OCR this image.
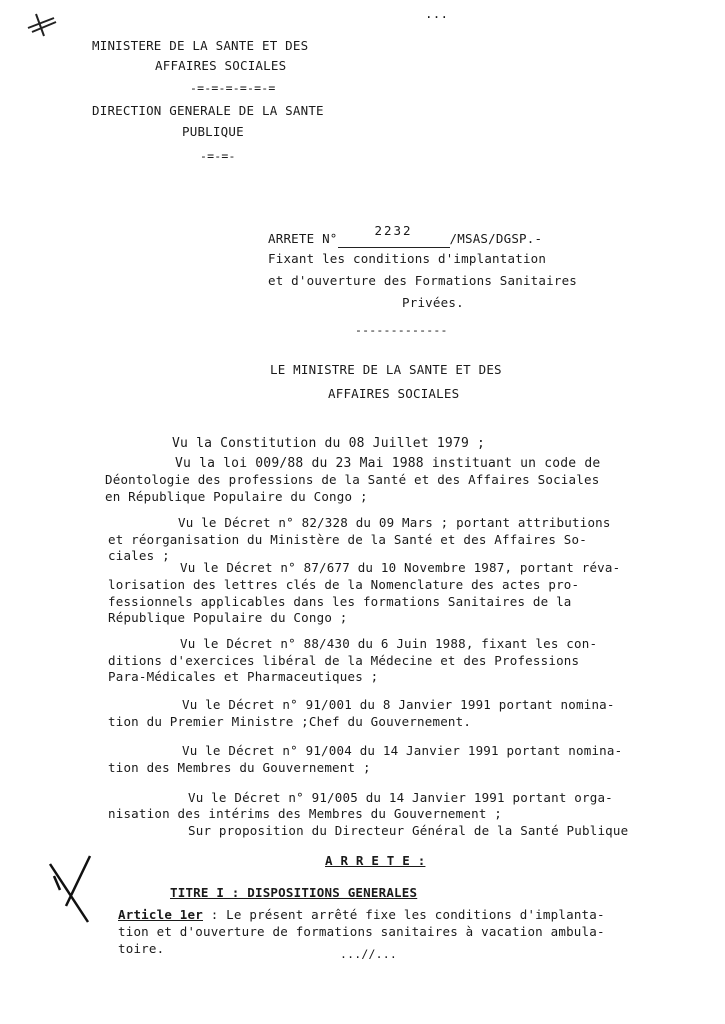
...
MINISTERE DE LA SANTE ET DES
AFFAIRES SOCIALES
-=-=-=-=-=-=
DIRECTION GENERALE DE LA SANTE
PUBLIQUE
-=-=-
ARRETE N°2232/MSAS/DGSP.-
Fixant les conditions d'implantation
et d'ouverture des Formations Sanitaires
Privées.
-------------
LE MINISTRE DE LA SANTE ET DES
AFFAIRES SOCIALES
Vu la Constitution du 08 Juillet 1979 ;
Vu la loi 009/88 du 23 Mai 1988 instituant un code de
Déontologie des professions de la Santé et des Affaires Sociales
en République Populaire du Congo ;
Vu le Décret n° 82/328 du 09 Mars ; portant attributions
et réorganisation du Ministère de la Santé et des Affaires So-
ciales ;
Vu le Décret n° 87/677 du 10 Novembre 1987, portant réva-
lorisation des lettres clés de la Nomenclature des actes pro-
fessionnels applicables dans les formations Sanitaires de la
République Populaire du Congo ;
Vu le Décret n° 88/430 du 6 Juin 1988, fixant les con-
ditions d'exercices libéral de la Médecine et des Professions
Para-Médicales et Pharmaceutiques ;
Vu le Décret n° 91/001 du 8 Janvier 1991 portant nomina-
tion du Premier Ministre ;Chef du Gouvernement.
Vu le Décret n° 91/004 du 14 Janvier 1991 portant nomina-
tion des Membres du Gouvernement ;
Vu le Décret n° 91/005 du 14 Janvier 1991 portant orga-
nisation des intérims des Membres du Gouvernement ;
Sur proposition du Directeur Général de la Santé Publique
A R R E T E :
TITRE I : DISPOSITIONS GENERALES
Article 1er : Le présent arrêté fixe les conditions d'implanta-
tion et d'ouverture de formations sanitaires à vacation ambula-
toire.	...//...
